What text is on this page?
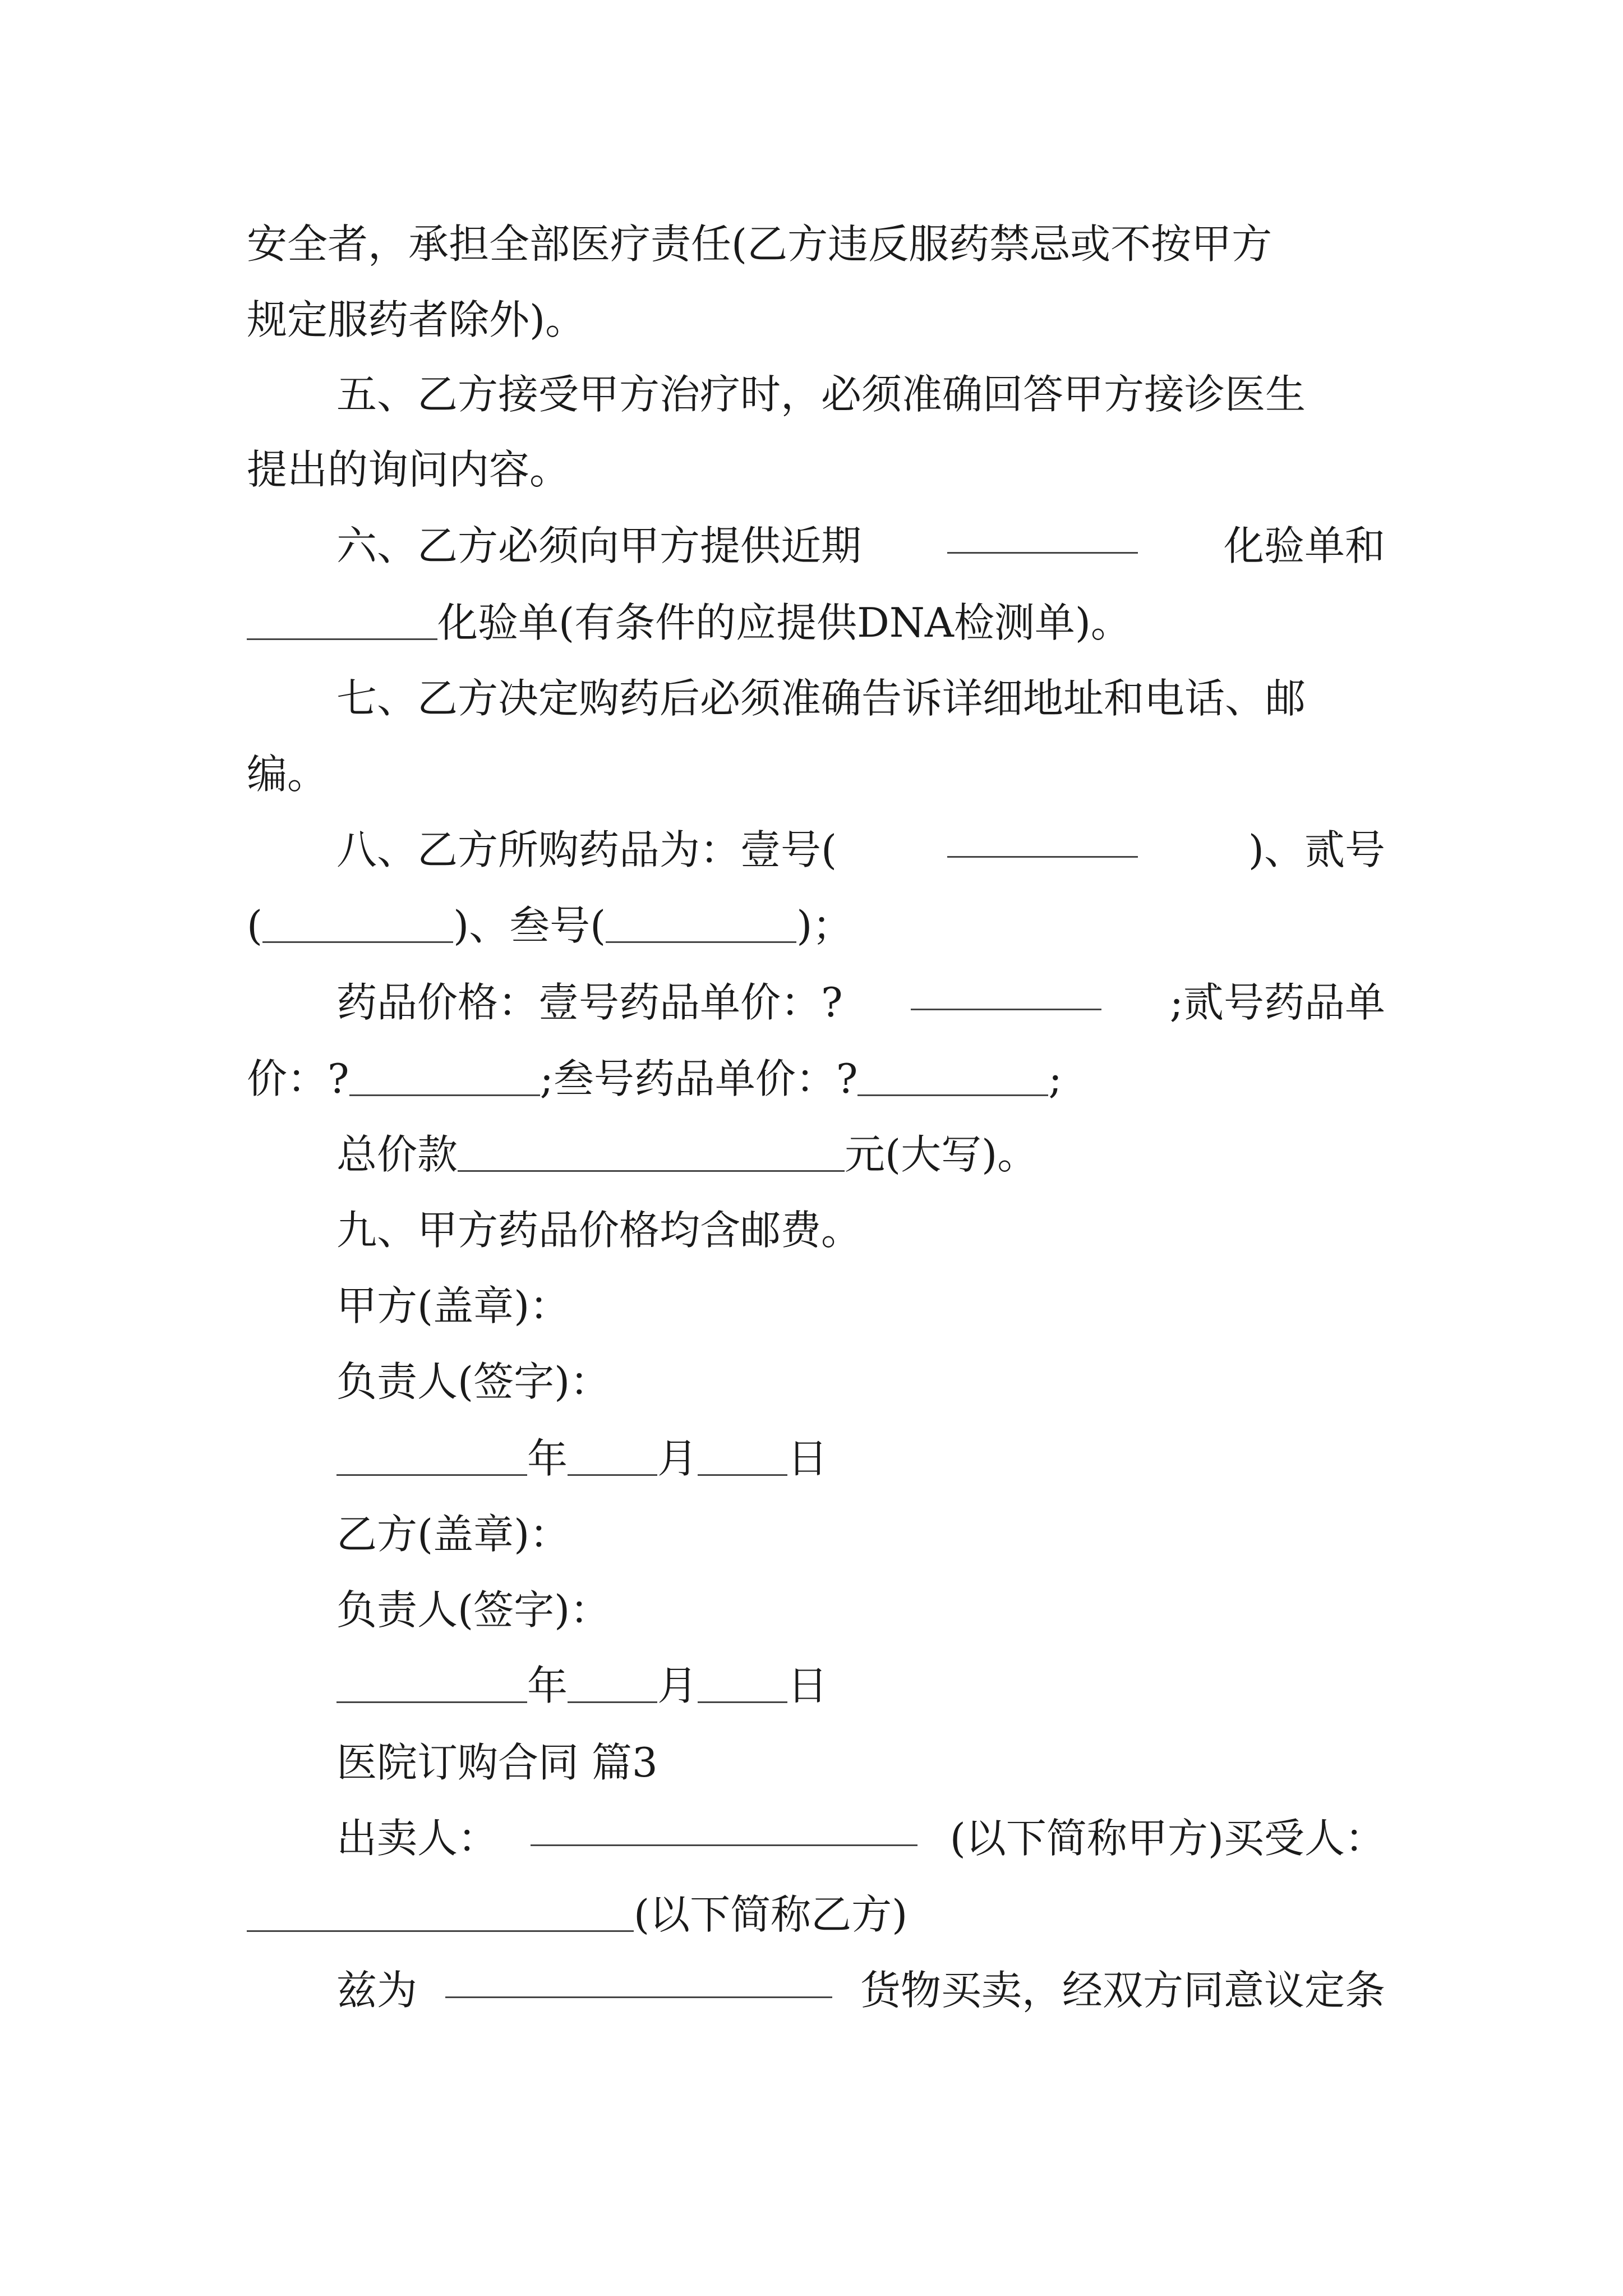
安全者，承担全部医疗责任(乙方违反服药禁忌或不按甲方
规定服药者除外)。
五、乙方接受甲方治疗时，必须准确回答甲方接诊医生
提出的询问内容。
六、乙方必须向甲方提供近期	化验单和
化验单(有条件的应提供DNA检测单)。
七、乙方决定购药后必须准确告诉详细地址和电话、邮
编。
八、乙方所购药品为：壹号(	)、贰号
(	)、叁号(	)；
药品价格：壹号药品单价：?	;贰号药品单
价：?	;叁号药品单价：?	;
总价款	元(大写)。
九、甲方药品价格均含邮费。
甲方(盖章)：
负责人(签字)：
年 月 日
乙方(盖章)：
负责人(签字)：
年 月 日
医院订购合同 篇3
出卖人：	(以下简称甲方)买受人：
(以下简称乙方)
兹为	货物买卖，经双方同意议定条
